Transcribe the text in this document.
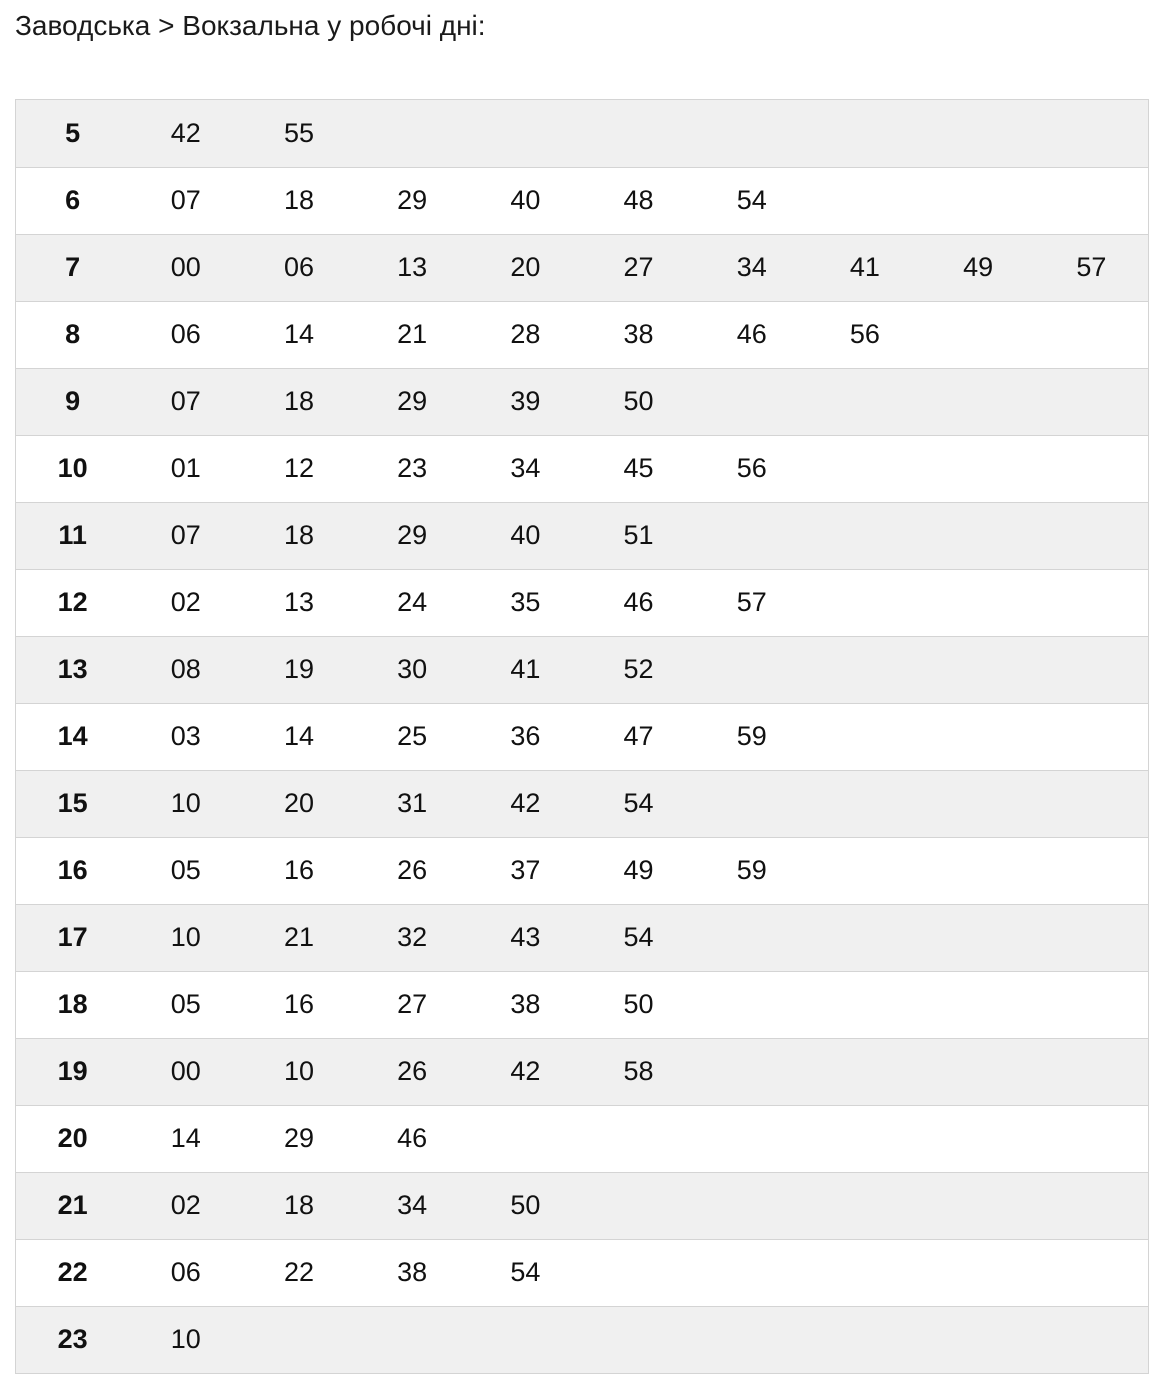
Заводська > Вокзальна у робочі дні:
5	42	55							
6	07	18	29	40	48	54			
7	00	06	13	20	27	34	41	49	57
8	06	14	21	28	38	46	56		
9	07	18	29	39	50				
10	01	12	23	34	45	56			
11	07	18	29	40	51				
12	02	13	24	35	46	57			
13	08	19	30	41	52				
14	03	14	25	36	47	59			
15	10	20	31	42	54				
16	05	16	26	37	49	59			
17	10	21	32	43	54				
18	05	16	27	38	50				
19	00	10	26	42	58				
20	14	29	46						
21	02	18	34	50					
22	06	22	38	54					
23	10								
